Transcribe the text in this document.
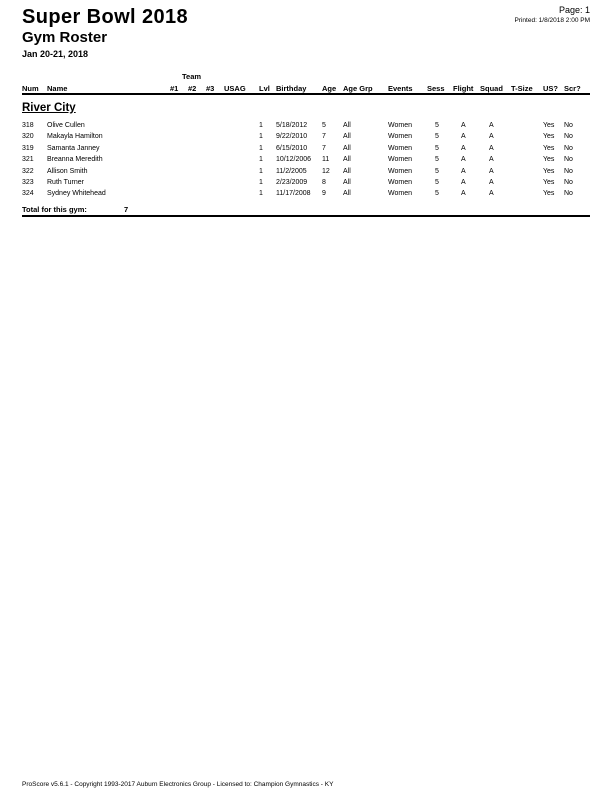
Super Bowl 2018
Gym Roster
Jan 20-21, 2018
Page: 1
Printed: 1/8/2018 2:00 PM
Team
Num Name	#1 #2 #3 USAG Lvl Birthday Age Age Grp Events Sess Flight Squad T-Size US? Scr?
River City
318 Olive Cullen	1 5/18/2012 5 All	Women	5	A	A	Yes No
320 Makayla Hamilton	1 9/22/2010 7 All	Women	5	A	A	Yes No
319 Samanta Janney	1 6/15/2010 7 All	Women	5	A	A	Yes No
321 Breanna Meredith	1 10/12/2006 11 All	Women	5	A	A	Yes No
322 Allison Smith	1 11/2/2005 12 All	Women	5	A	A	Yes No
323 Ruth Turner	1 2/23/2009 8 All	Women	5	A	A	Yes No
324 Sydney Whitehead	1 11/17/2008 9 All	Women	5	A	A	Yes No
Total for this gym:	7
ProScore v5.6.1 - Copyright 1993-2017 Auburn Electronics Group - Licensed to: Champion Gymnastics - KY
